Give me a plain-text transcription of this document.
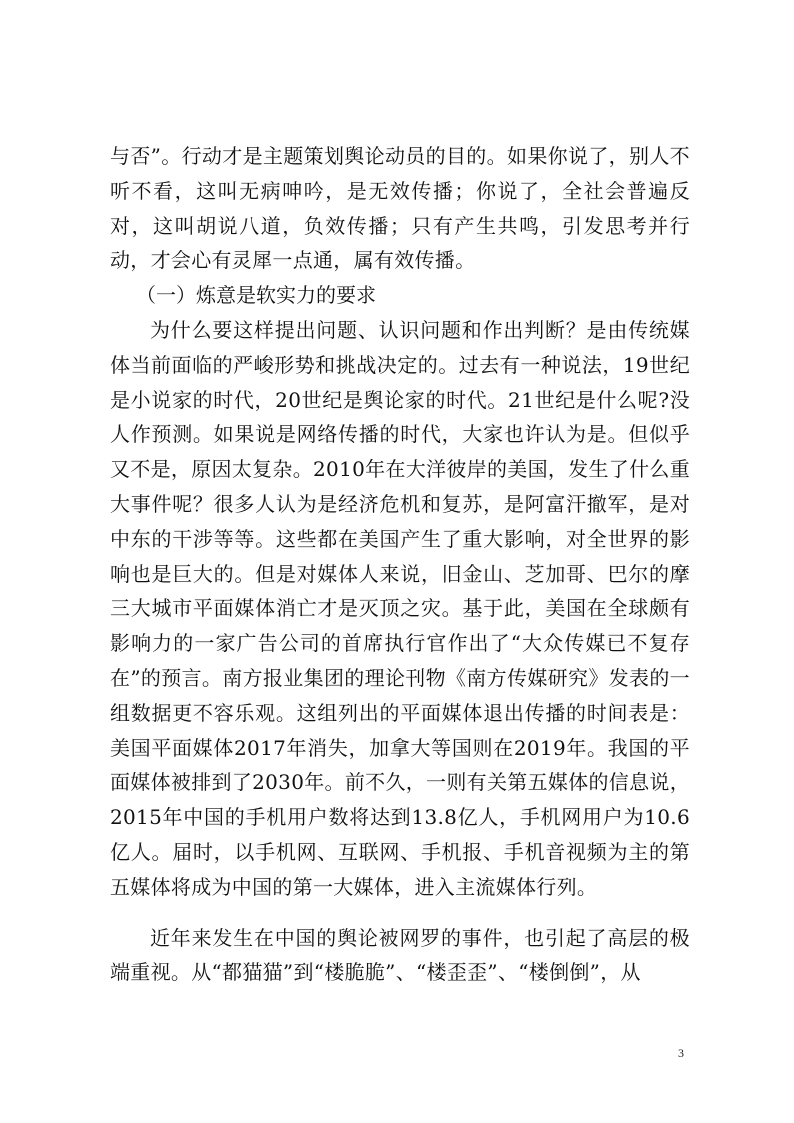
与否”。行动才是主题策划舆论动员的目的。如果你说了，别人不听不看，这叫无病呻吟，是无效传播；你说了，全社会普遍反对，这叫胡说八道，负效传播；只有产生共鸣，引发思考并行动，才会心有灵犀一点通，属有效传播。

（一）炼意是软实力的要求

为什么要这样提出问题、认识问题和作出判断？是由传统媒体当前面临的严峻形势和挑战决定的。过去有一种说法，19世纪是小说家的时代，20世纪是舆论家的时代。21世纪是什么呢?没人作预测。如果说是网络传播的时代，大家也许认为是。但似乎又不是，原因太复杂。2010年在大洋彼岸的美国，发生了什么重大事件呢？很多人认为是经济危机和复苏，是阿富汗撤军，是对中东的干涉等等。这些都在美国产生了重大影响，对全世界的影响也是巨大的。但是对媒体人来说，旧金山、芝加哥、巴尔的摩三大城市平面媒体消亡才是灭顶之灾。基于此，美国在全球颇有影响力的一家广告公司的首席执行官作出了“大众传媒已不复存在”的预言。南方报业集团的理论刊物《南方传媒研究》发表的一组数据更不容乐观。这组列出的平面媒体退出传播的时间表是：美国平面媒体2017年消失，加拿大等国则在2019年。我国的平面媒体被排到了2030年。前不久，一则有关第五媒体的信息说，2015年中国的手机用户数将达到13.8亿人，手机网用户为10.6亿人。届时，以手机网、互联网、手机报、手机音视频为主的第五媒体将成为中国的第一大媒体，进入主流媒体行列。

近年来发生在中国的舆论被网罗的事件，也引起了高层的极端重视。从“都猫猫”到“楼脆脆”、“楼歪歪”、“楼倒倒”，从

3
